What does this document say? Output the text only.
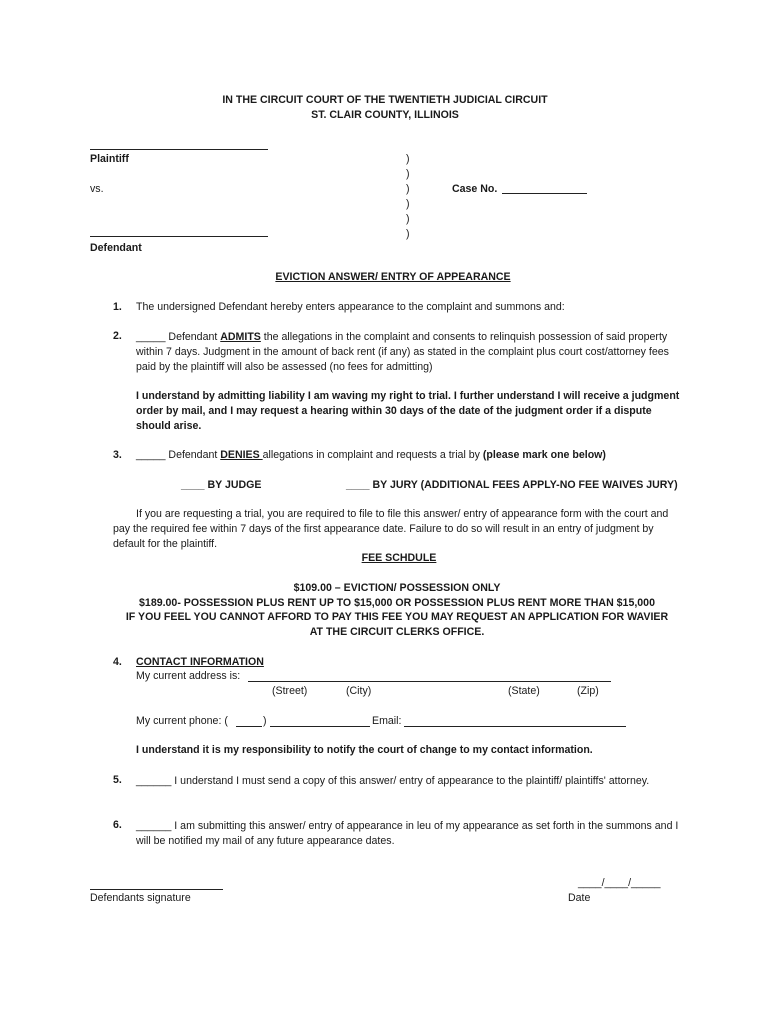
IN THE CIRCUIT COURT OF THE TWENTIETH JUDICIAL CIRCUIT
ST. CLAIR COUNTY, ILLINOIS
Plaintiff
vs.
Defendant
)
)
)
)
)
)
Case No.
EVICTION ANSWER/ ENTRY OF APPEARANCE
1. The undersigned Defendant hereby enters appearance to the complaint and summons and:
2. _____ Defendant ADMITS the allegations in the complaint and consents to relinquish possession of said property within 7 days. Judgment in the amount of back rent (if any) as stated in the complaint plus court cost/attorney fees paid by the plaintiff will also be assessed (no fees for admitting)
I understand by admitting liability I am waving my right to trial. I further understand I will receive a judgment order by mail, and I may request a hearing within 30 days of the date of the judgment order if a dispute should arise.
3. _____ Defendant DENIES allegations in complaint and requests a trial by (please mark one below)
____ BY JUDGE	____ BY JURY (ADDITIONAL FEES APPLY-NO FEE WAIVES JURY)
If you are requesting a trial, you are required to file to file this answer/ entry of appearance form with the court and pay the required fee within 7 days of the first appearance date. Failure to do so will result in an entry of judgment by default for the plaintiff.
FEE SCHDULE
$109.00 – EVICTION/ POSSESSION ONLY
$189.00- POSSESSION PLUS RENT UP TO $15,000 OR POSSESSION PLUS RENT MORE THAN $15,000
IF YOU FEEL YOU CANNOT AFFORD TO PAY THIS FEE YOU MAY REQUEST AN APPLICATION FOR WAVIER
AT THE CIRCUIT CLERKS OFFICE.
4. CONTACT INFORMATION
My current address is:
(Street)	(City)	(State)	(Zip)
My current phone: (	)	Email:
I understand it is my responsibility to notify the court of change to my contact information.
5. ______ I understand I must send a copy of this answer/ entry of appearance to the plaintiff/ plaintiffs' attorney.
6. ______ I am submitting this answer/ entry of appearance in leu of my appearance as set forth in the summons and I will be notified my mail of any future appearance dates.
Defendants signature
____/____/_____
Date
